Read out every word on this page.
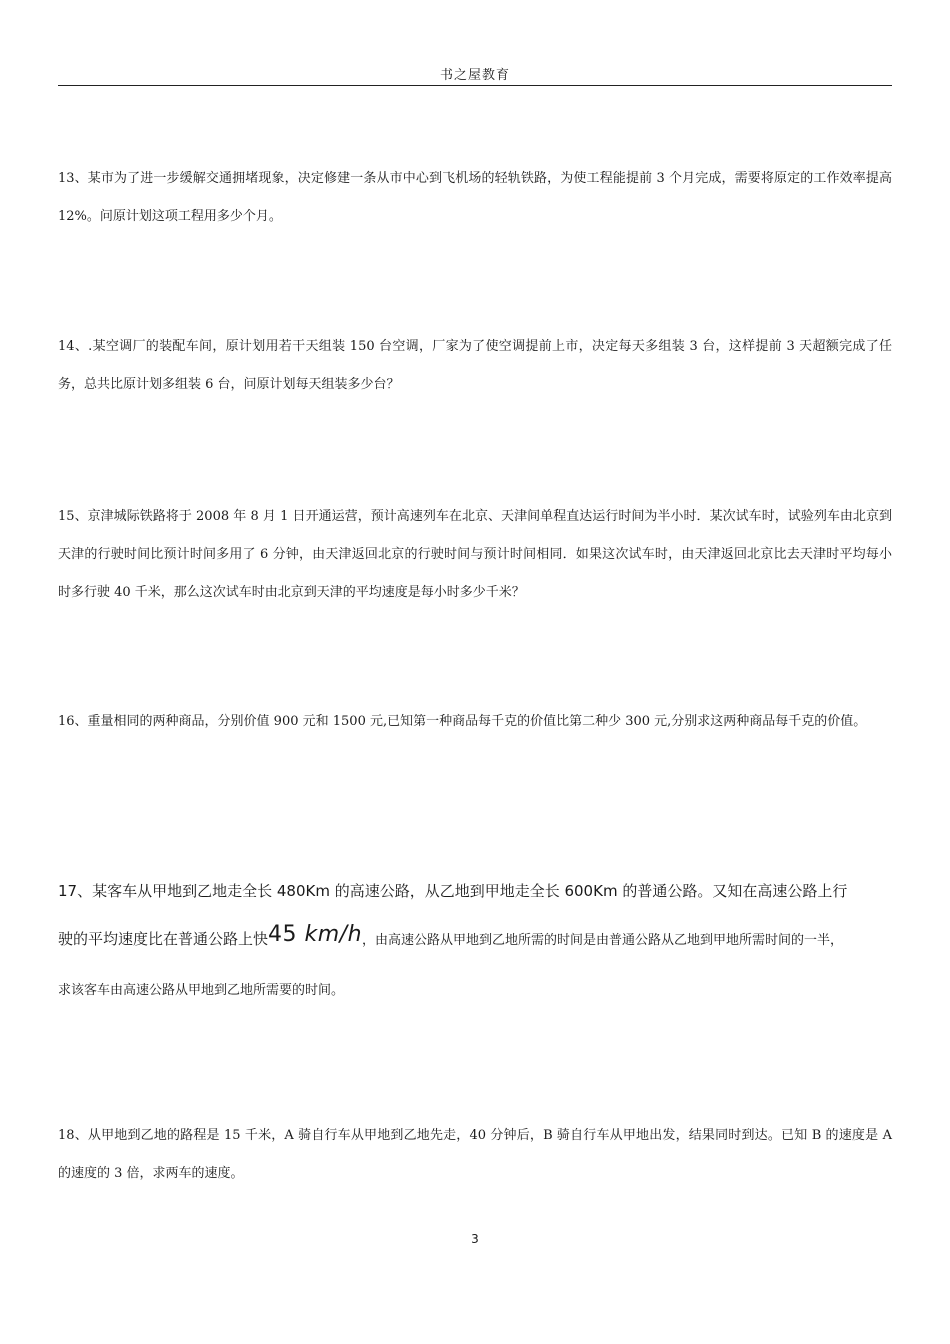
书之屋教育

13、某市为了进一步缓解交通拥堵现象，决定修建一条从市中心到飞机场的轻轨铁路，为使工程能提前 3 个月完成，需要将原定的工作效率提高 12%。问原计划这项工程用多少个月。

14、.某空调厂的装配车间，原计划用若干天组装 150 台空调，厂家为了使空调提前上市，决定每天多组装 3 台，这样提前 3 天超额完成了任务，总共比原计划多组装 6 台，问原计划每天组装多少台？

15、京津城际铁路将于 2008 年 8 月 1 日开通运营，预计高速列车在北京、天津间单程直达运行时间为半小时．某次试车时，试验列车由北京到天津的行驶时间比预计时间多用了 6 分钟，由天津返回北京的行驶时间与预计时间相同．如果这次试车时，由天津返回北京比去天津时平均每小时多行驶 40 千米，那么这次试车时由北京到天津的平均速度是每小时多少千米？

16、重量相同的两种商品，分别价值 900 元和 1500 元,已知第一种商品每千克的价值比第二种少 300 元,分别求这两种商品每千克的价值。

17、某客车从甲地到乙地走全长 480Km 的高速公路，从乙地到甲地走全长 600Km 的普通公路。又知在高速公路上行
驶的平均速度比在普通公路上快45 km/h，由高速公路从甲地到乙地所需的时间是由普通公路从乙地到甲地所需时间的一半，
求该客车由高速公路从甲地到乙地所需要的时间。

18、从甲地到乙地的路程是 15 千米，A 骑自行车从甲地到乙地先走，40 分钟后，B 骑自行车从甲地出发，结果同时到达。已知 B 的速度是 A 的速度的 3 倍，求两车的速度。

3
